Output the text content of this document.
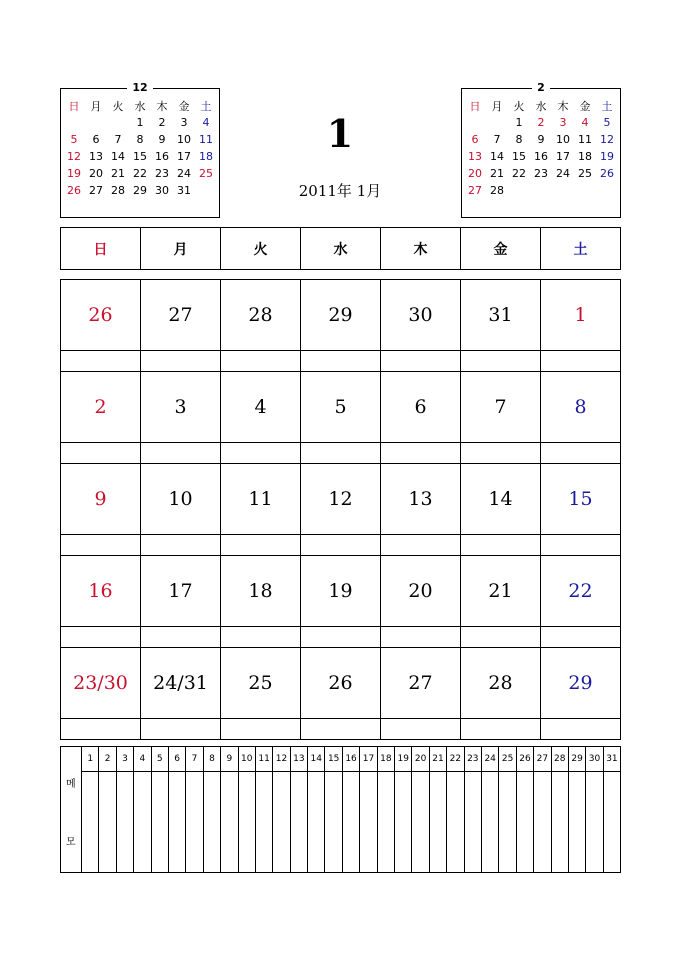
12
日	月	火	水	木	金	土
			1	2	3	4
5	6	7	8	9	10	11
12	13	14	15	16	17	18
19	20	21	22	23	24	25
26	27	28	29	30	31	
1
2011年 1月
2
日	月	火	水	木	金	土
		1	2	3	4	5
6	7	8	9	10	11	12
13	14	15	16	17	18	19
20	21	22	23	24	25	26
27	28					
日	月	火	水	木	金	土
26	27	28	29	30	31	1
2	3	4	5	6	7	8
9	10	11	12	13	14	15
16	17	18	19	20	21	22
23/30	24/31	25	26	27	28	29
메
모
1	2	3	4	5	6	7	8	9 10 11 12 13 14 15 16 17 18 19 20 21 22 23 24 25 26 27 28 29 30 31
